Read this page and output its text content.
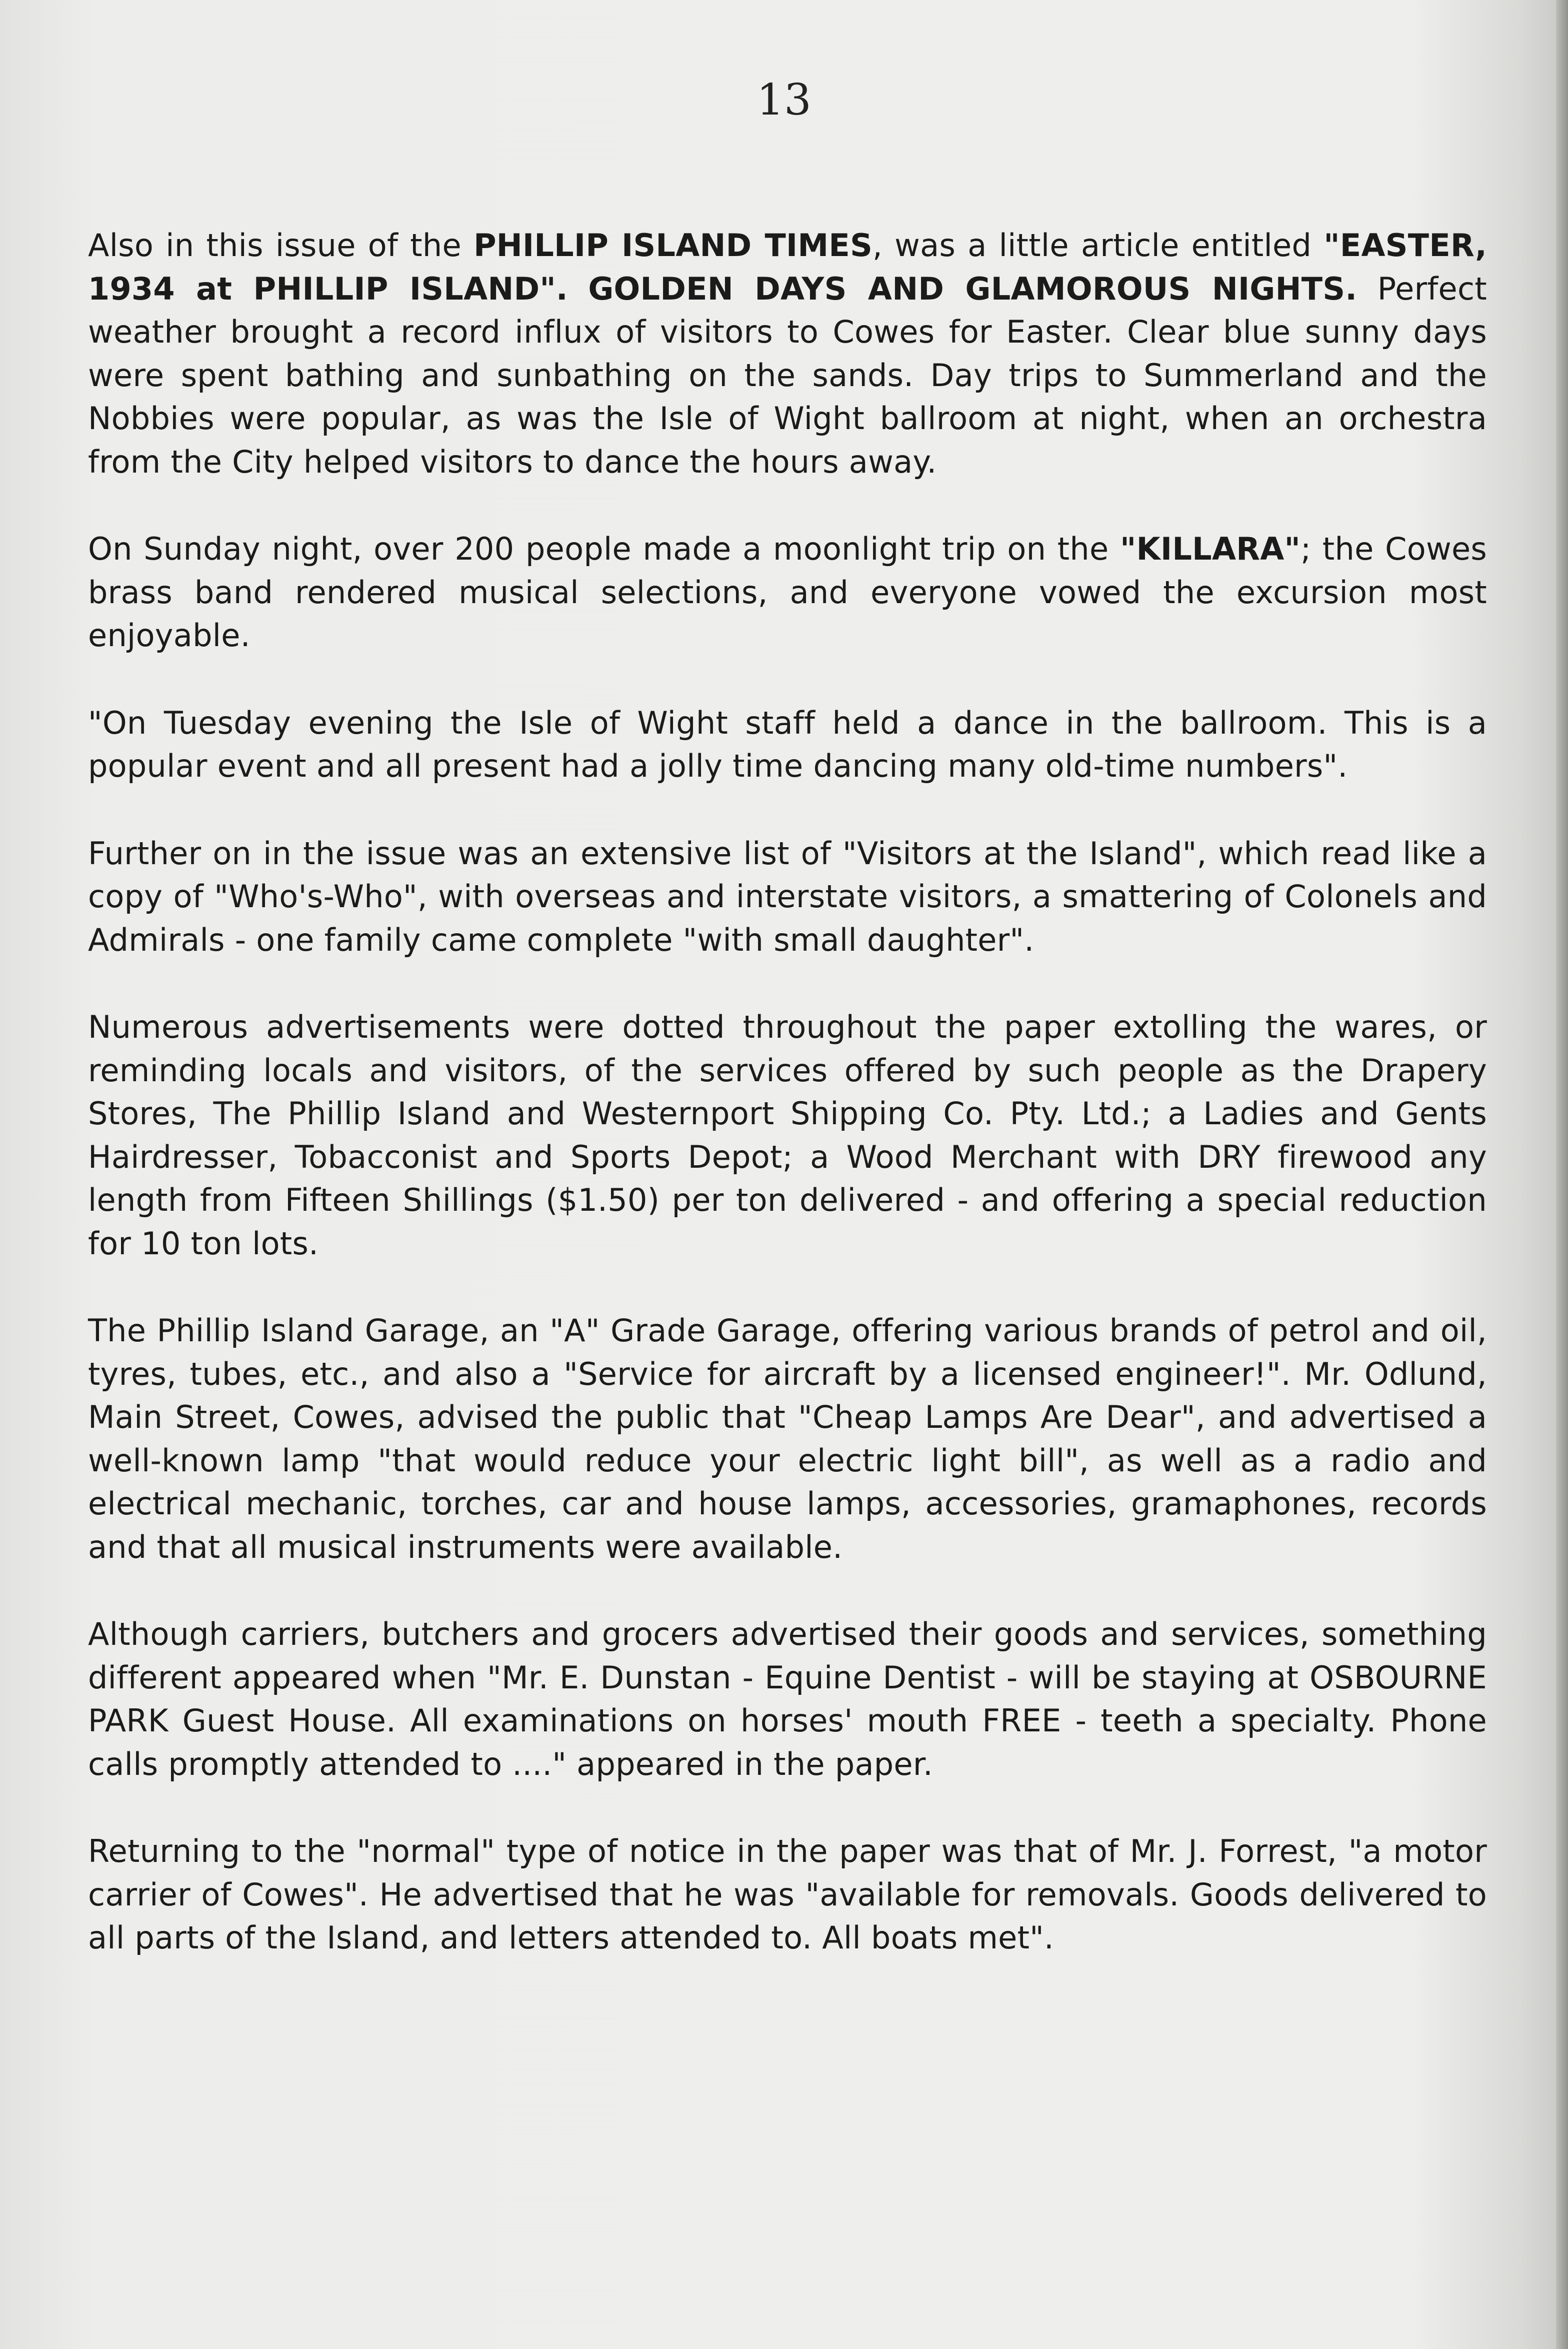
13

Also in this issue of the PHILLIP ISLAND TIMES, was a little article entitled "EASTER, 1934 at PHILLIP ISLAND". GOLDEN DAYS AND GLAMOROUS NIGHTS. Perfect weather brought a record influx of visitors to Cowes for Easter. Clear blue sunny days were spent bathing and sunbathing on the sands. Day trips to Summerland and the Nobbies were popular, as was the Isle of Wight ballroom at night, when an orchestra from the City helped visitors to dance the hours away.

On Sunday night, over 200 people made a moonlight trip on the "KILLARA"; the Cowes brass band rendered musical selections, and everyone vowed the excursion most enjoyable.

"On Tuesday evening the Isle of Wight staff held a dance in the ballroom. This is a popular event and all present had a jolly time dancing many old-time numbers".

Further on in the issue was an extensive list of "Visitors at the Island", which read like a copy of "Who's-Who", with overseas and interstate visitors, a smattering of Colonels and Admirals - one family came complete "with small daughter".

Numerous advertisements were dotted throughout the paper extolling the wares, or reminding locals and visitors, of the services offered by such people as the Drapery Stores, The Phillip Island and Westernport Shipping Co. Pty. Ltd.; a Ladies and Gents Hairdresser, Tobacconist and Sports Depot; a Wood Merchant with DRY firewood any length from Fifteen Shillings ($1.50) per ton delivered - and offering a special reduction for 10 ton lots.

The Phillip Island Garage, an "A" Grade Garage, offering various brands of petrol and oil, tyres, tubes, etc., and also a "Service for aircraft by a licensed engineer!". Mr. Odlund, Main Street, Cowes, advised the public that "Cheap Lamps Are Dear", and advertised a well-known lamp "that would reduce your electric light bill", as well as a radio and electrical mechanic, torches, car and house lamps, accessories, gramaphones, records and that all musical instruments were available.

Although carriers, butchers and grocers advertised their goods and services, something different appeared when "Mr. E. Dunstan - Equine Dentist - will be staying at OSBOURNE PARK Guest House. All examinations on horses' mouth FREE - teeth a specialty. Phone calls promptly attended to ...." appeared in the paper.

Returning to the "normal" type of notice in the paper was that of Mr. J. Forrest, "a motor carrier of Cowes". He advertised that he was "available for removals. Goods delivered to all parts of the Island, and letters attended to. All boats met".
